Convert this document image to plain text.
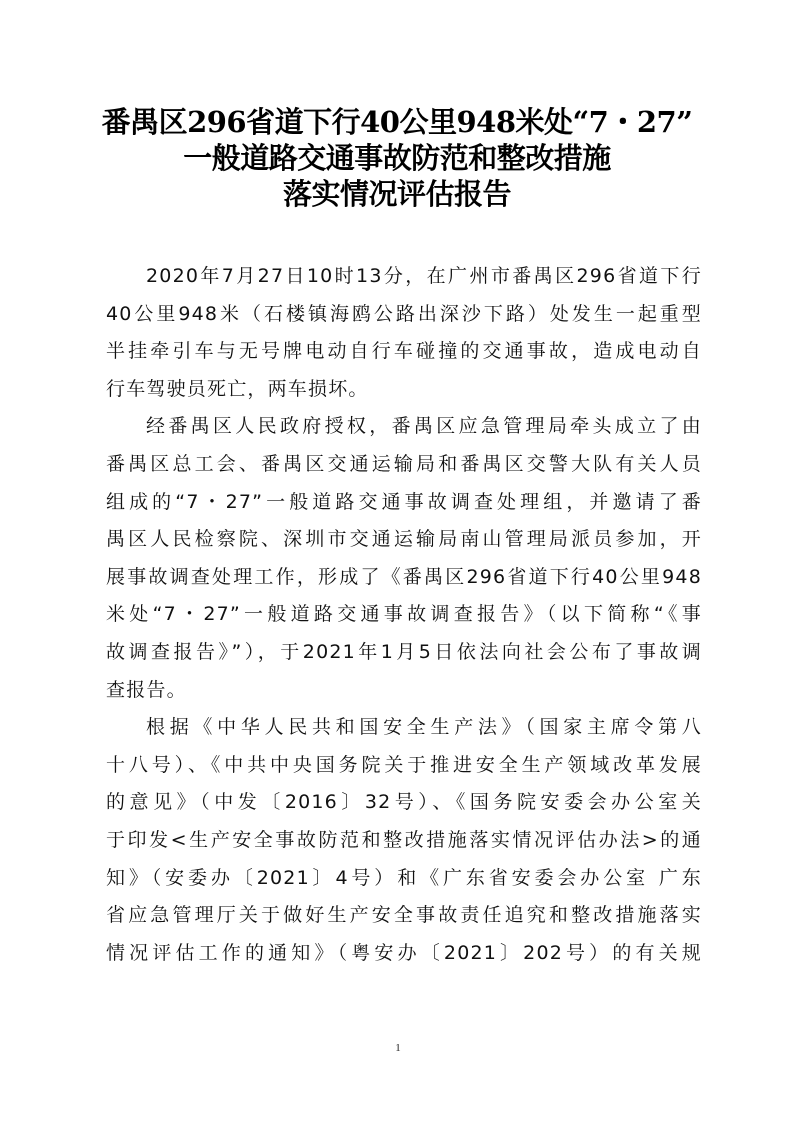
番禺区296省道下行40公里948米处“7・27”
一般道路交通事故防范和整改措施
落实情况评估报告
2020年7月27日10时13分，在广州市番禺区296省道下行
40公里948米（石楼镇海鸥公路出深沙下路）处发生一起重型
半挂牵引车与无号牌电动自行车碰撞的交通事故，造成电动自
行车驾驶员死亡，两车损坏。
经番禺区人民政府授权，番禺区应急管理局牵头成立了由
番禺区总工会、番禺区交通运输局和番禺区交警大队有关人员
组成的“7・27”一般道路交通事故调查处理组，并邀请了番
禺区人民检察院、深圳市交通运输局南山管理局派员参加，开
展事故调查处理工作，形成了《番禺区296省道下行40公里948
米处“7・27”一般道路交通事故调查报告》（以下简称“《事
故调查报告》”），于2021年1月5日依法向社会公布了事故调
查报告。
根据《中华人民共和国安全生产法》（国家主席令第八
十八号）、《中共中央国务院关于推进安全生产领域改革发展
的意见》（中发〔2016〕32号）、《国务院安委会办公室关
于印发<生产安全事故防范和整改措施落实情况评估办法>的通
知》（安委办〔2021〕4号）和《广东省安委会办公室 广东
省应急管理厅关于做好生产安全事故责任追究和整改措施落实
情况评估工作的通知》（粤安办〔2021〕202号）的有关规
1
